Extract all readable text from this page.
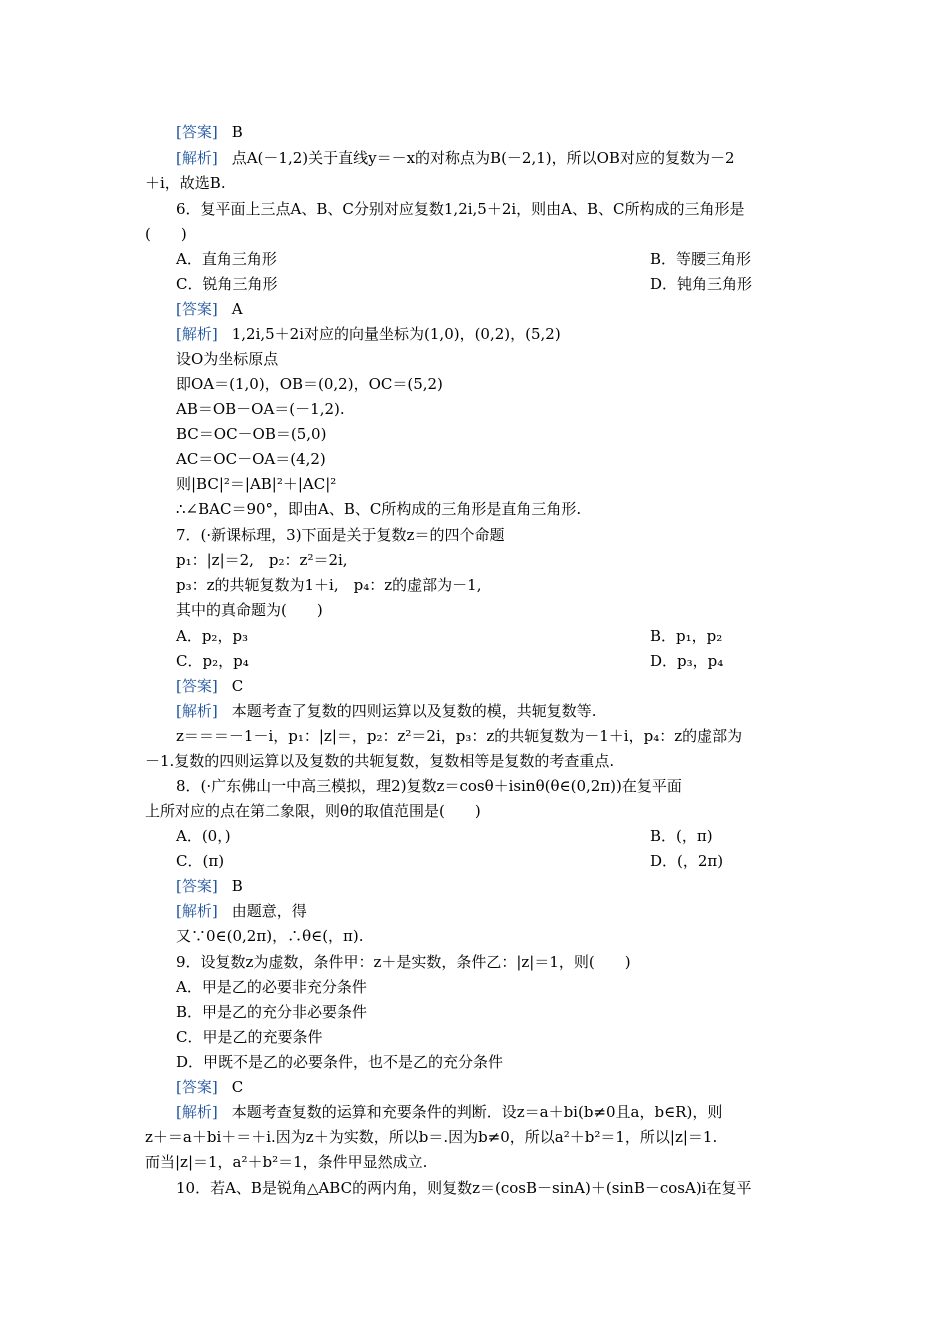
[答案] B
[解析] 点A(－1,2)关于直线y＝－x的对称点为B(－2,1)，所以OB对应的复数为－2
＋i，故选B.
6．复平面上三点A、B、C分别对应复数1,2i,5＋2i，则由A、B、C所构成的三角形是
(　　)
A．直角三角形	B．等腰三角形
C．锐角三角形	D．钝角三角形
[答案] A
[解析] 1,2i,5＋2i对应的向量坐标为(1,0)，(0,2)，(5,2)
设O为坐标原点
即OA＝(1,0)，OB＝(0,2)，OC＝(5,2)
AB＝OB－OA＝(－1,2).
BC＝OC－OB＝(5,0)
AC＝OC－OA＝(4,2)
则|BC|²＝|AB|²＋|AC|²
∴∠BAC＝90°，即由A、B、C所构成的三角形是直角三角形.
7．(·新课标理，3)下面是关于复数z＝的四个命题
p₁：|z|＝2,　p₂：z²＝2i,
p₃：z的共轭复数为1＋i,　p₄：z的虚部为－1,
其中的真命题为(　　)
A．p₂，p₃	B．p₁，p₂
C．p₂，p₄	D．p₃，p₄
[答案] C
[解析] 本题考查了复数的四则运算以及复数的模，共轭复数等.
z＝＝＝－1－i，p₁：|z|＝，p₂：z²＝2i，p₃：z的共轭复数为－1＋i，p₄：z的虚部为
－1.复数的四则运算以及复数的共轭复数，复数相等是复数的考查重点.
8．(·广东佛山一中高三模拟，理2)复数z＝cosθ＋isinθ(θ∈(0,2π))在复平面
上所对应的点在第二象限，则θ的取值范围是(　　)
A．(0，)	B．(，π)
C．(π)	D．(，2π)
[答案] B
[解析] 由题意，得
又∵0∈(0,2π)，∴θ∈(，π).
9．设复数z为虚数，条件甲：z＋是实数，条件乙：|z|＝1，则(　　)
A．甲是乙的必要非充分条件
B．甲是乙的充分非必要条件
C．甲是乙的充要条件
D．甲既不是乙的必要条件，也不是乙的充分条件
[答案] C
[解析] 本题考查复数的运算和充要条件的判断．设z＝a＋bi(b≠0且a，b∈R)，则
z＋＝a＋bi＋＝＋i.因为z＋为实数，所以b＝.因为b≠0，所以a²＋b²＝1，所以|z|＝1.
而当|z|＝1，a²＋b²＝1，条件甲显然成立.
10．若A、B是锐角△ABC的两内角，则复数z＝(cosB－sinA)＋(sinB－cosA)i在复平
